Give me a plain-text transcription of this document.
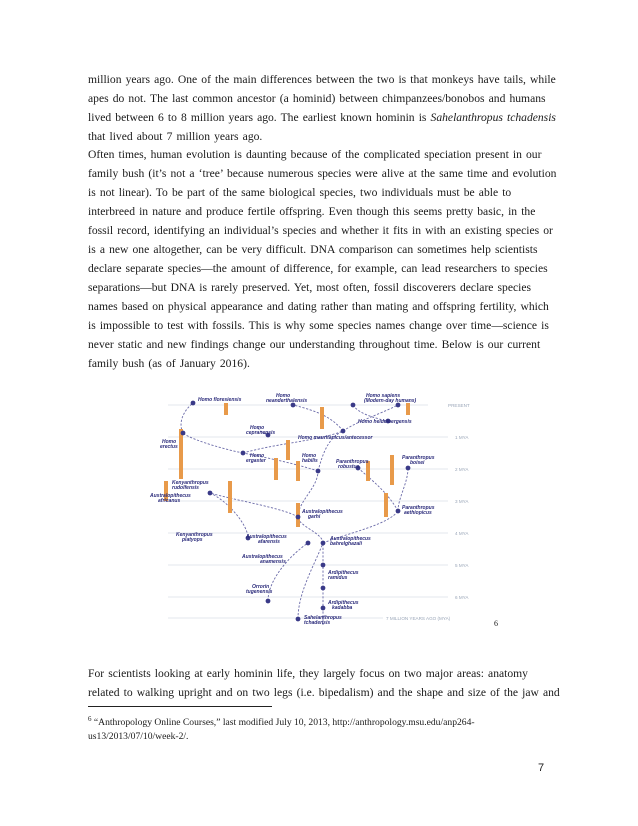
million years ago. One of the main differences between the two is that monkeys have tails, while
apes do not. The last common ancestor (a hominid) between chimpanzees/bonobos and humans
lived between 6 to 8 million years ago. The earliest known hominin is Sahelanthropus tchadensis that lived about 7 million years ago.

Often times, human evolution is daunting because of the complicated speciation present in our family bush (it’s not a ‘tree’ because numerous species were alive at the same time and evolution is not linear). To be part of the same biological species, two individuals must be able to interbreed in nature and produce fertile offspring. Even though this seems pretty basic, in the fossil record, identifying an individual’s species and whether it fits in with an existing species or is a new one altogether, can be very difficult. DNA comparison can sometimes help scientists declare separate species—the amount of difference, for example, can lead researchers to species separations—but DNA is rarely preserved. Yet, most often, fossil discoverers declare species names based on physical appearance and dating rather than mating and offspring fertility, which is impossible to test with fossils. This is why some species names change over time—science is never static and new findings change our understanding throughout time. Below is our current family bush (as of January 2016).

PRESENT
1 MYA
2 MYA
3 MYA
4 MYA
5 MYA
6 MYA
7 MILLION YEARS AGO (MYA)
Homo floresiensis
Homo
neanderthalensis
Homo sapiens
(Modern-day humans)
Homo heidelbergensis
Homo
cepranensis
Homo mauritanicus/antecessor
Homo
erectus
Homo
ergaster
Homo
habilis	Paranthropus
robustus
Paranthropus
boisei
Kenyanthropus
rudolfensis
Australopithecus
africanus
Australopithecus
garhi
Paranthropus
aethiopicus
Kenyanthropus
platyops	Australopithecus
afarensis	Australopithecus
bahrelghazali
Australopithecus
anamensis
Ardipithecus
ramidus
Ardipithecus
kadabba
Orrorin
tugenensis
Sahelanthropus
tchadensis	6

For scientists looking at early hominin life, they largely focus on two major areas: anatomy related to walking upright and on two legs (i.e. bipedalism) and the shape and size of the jaw and

$^6$ “Anthropology Online Courses,” last modified July 10, 2013, http://anthropology.msu.edu/anp264-us13/2013/07/10/week-2/.

7
